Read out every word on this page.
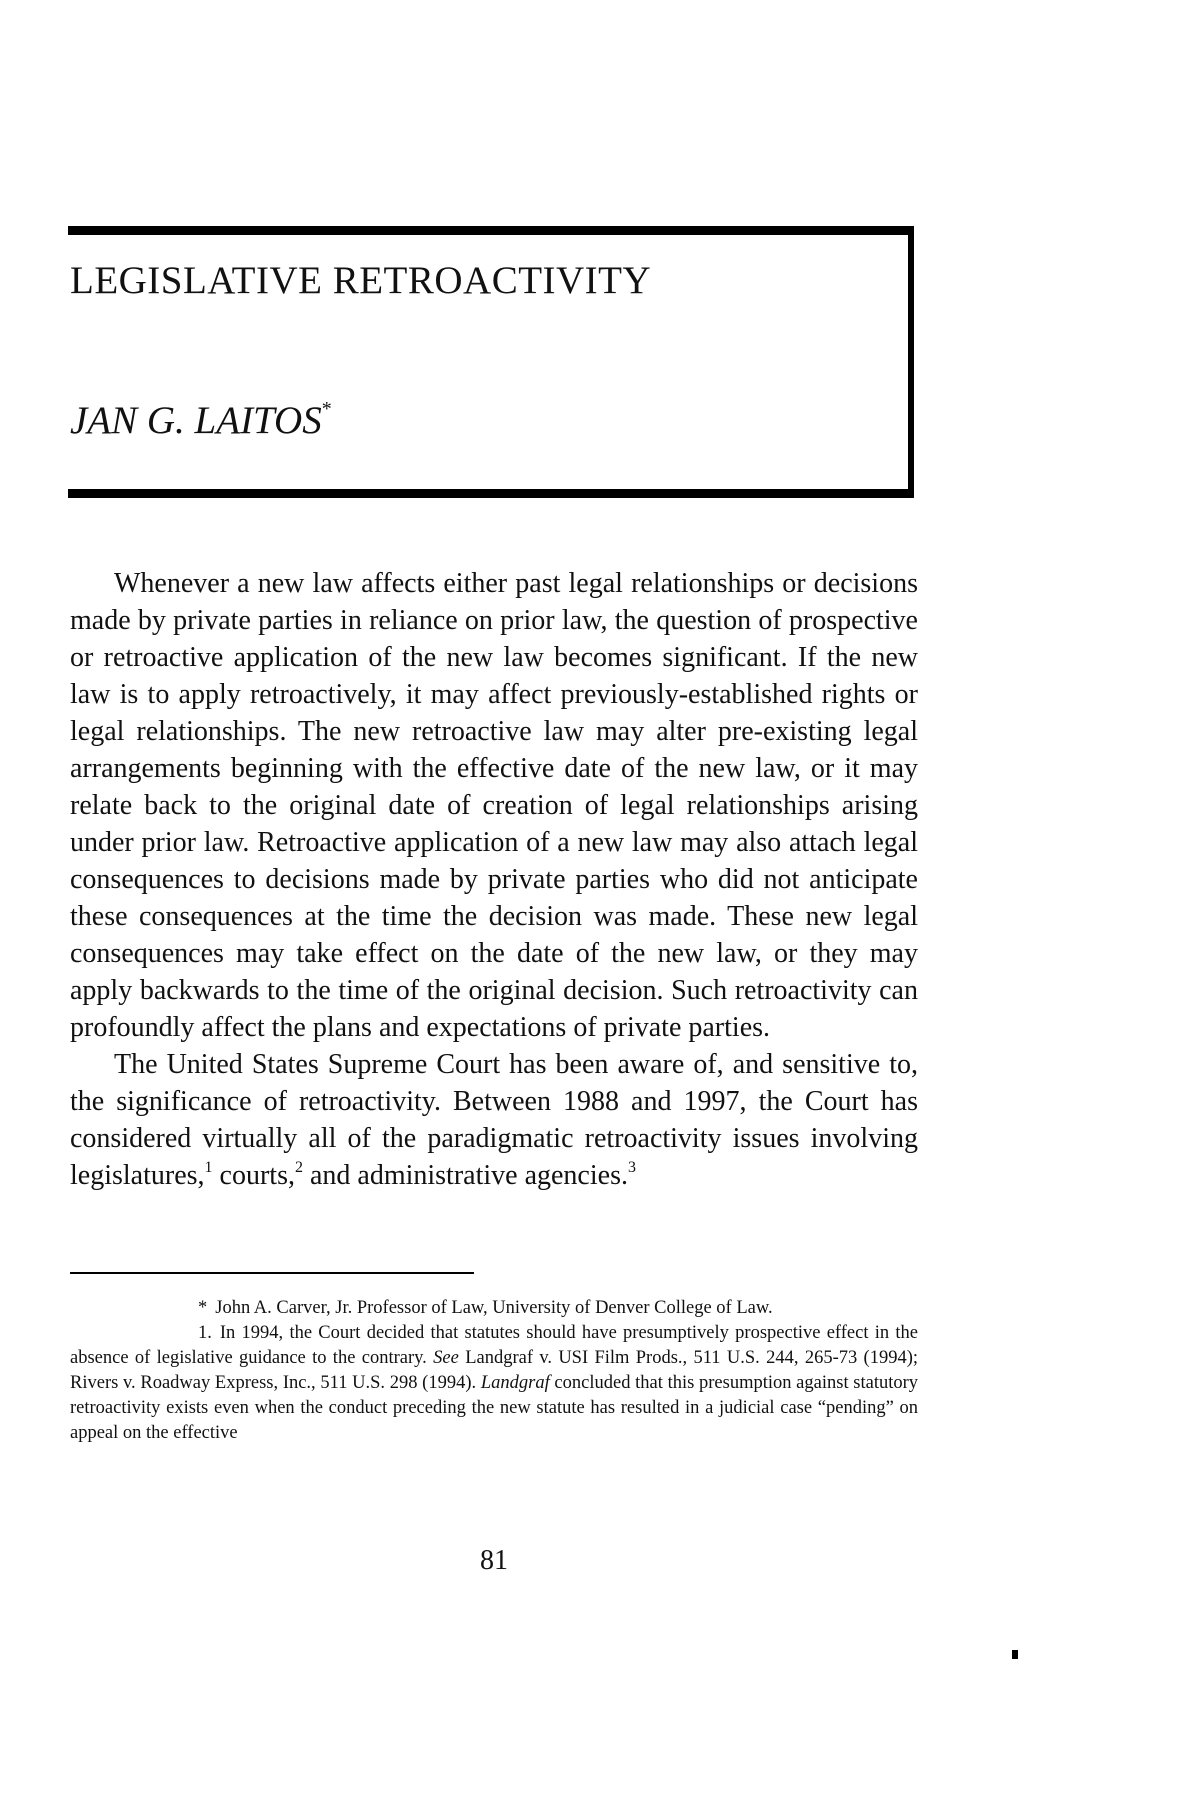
LEGISLATIVE RETROACTIVITY
JAN G. LAITOS*

Whenever a new law affects either past legal relationships or decisions made by private parties in reliance on prior law, the question of prospective or retroactive application of the new law becomes significant. If the new law is to apply retroactively, it may affect previously-established rights or legal relationships. The new retroactive law may alter pre-existing legal arrangements beginning with the effective date of the new law, or it may relate back to the original date of creation of legal relationships arising under prior law. Retroactive application of a new law may also attach legal consequences to decisions made by private parties who did not anticipate these consequences at the time the decision was made. These new legal consequences may take effect on the date of the new law, or they may apply backwards to the time of the original decision. Such retroactivity can profoundly affect the plans and expectations of private parties.

The United States Supreme Court has been aware of, and sensitive to, the significance of retroactivity. Between 1988 and 1997, the Court has considered virtually all of the paradigmatic retroactivity issues involving legislatures,$^1$ courts,$^2$ and administrative agencies.$^3$

* John A. Carver, Jr. Professor of Law, University of Denver College of Law.

1. In 1994, the Court decided that statutes should have presumptively prospective effect in the absence of legislative guidance to the contrary. See Landgraf v. USI Film Prods., 511 U.S. 244, 265-73 (1994); Rivers v. Roadway Express, Inc., 511 U.S. 298 (1994). Landgraf concluded that this presumption against statutory retroactivity exists even when the conduct preceding the new statute has resulted in a judicial case “pending” on appeal on the effective

81
